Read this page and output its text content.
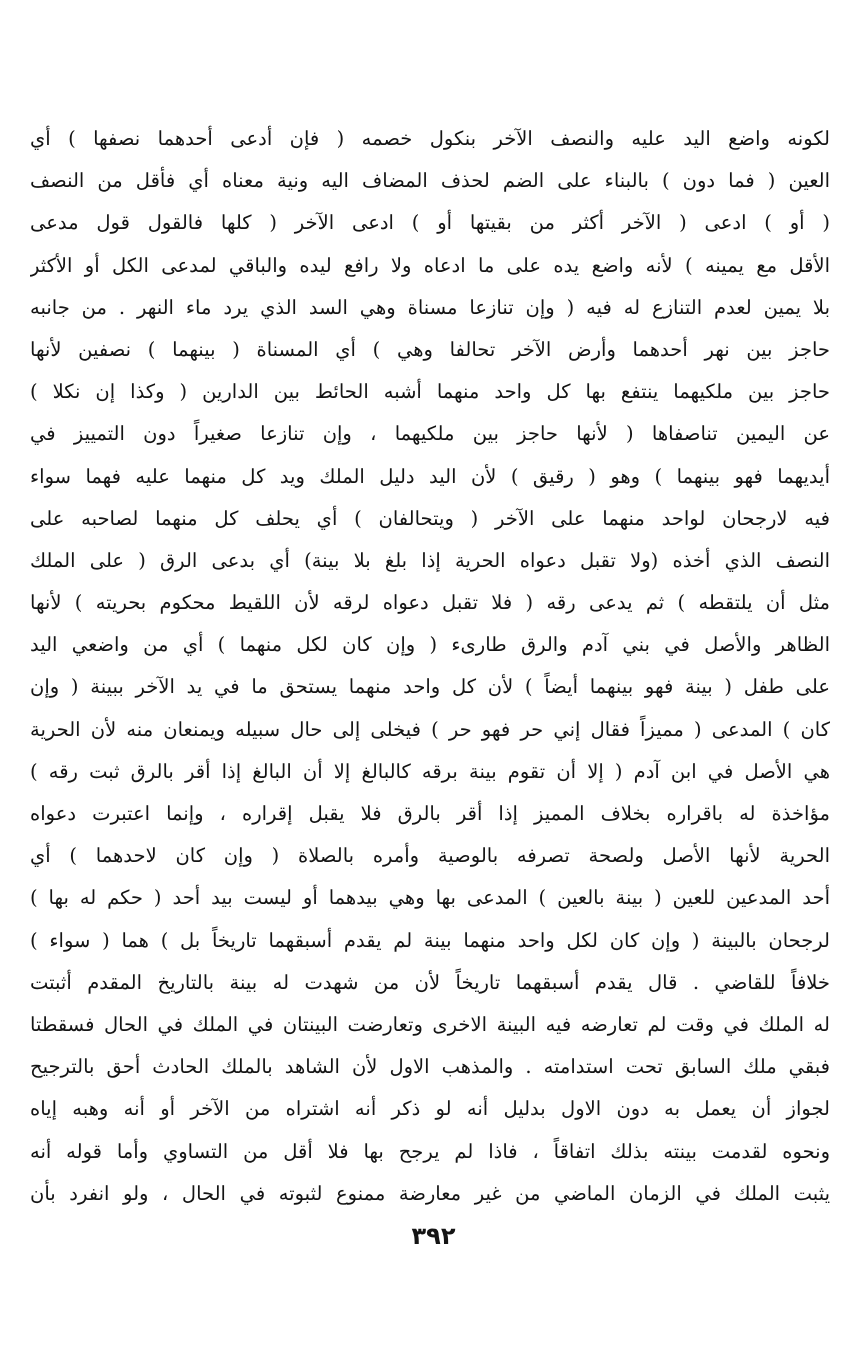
لكونه واضع اليد عليه والنصف الآخر بنكول خصمه ( فإن أدعى أحدهما نصفها ) أي
العين ( فما دون ) بالبناء على الضم لحذف المضاف اليه ونية معناه أي فأقل من النصف
( أو ) ادعى ( الآخر أكثر من بقيتها أو ) ادعى الآخر ( كلها فالقول قول مدعى
الأقل مع يمينه ) لأنه واضع يده على ما ادعاه ولا رافع ليده والباقي لمدعى الكل أو الأكثر
بلا يمين لعدم التنازع له فيه ( وإن تنازعا مسناة وهي السد الذي يرد ماء النهر . من جانبه
حاجز بين نهر أحدهما وأرض الآخر تحالفا وهي ) أي المسناة ( بينهما ) نصفين لأنها
حاجز بين ملكيهما ينتفع بها كل واحد منهما أشبه الحائط بين الدارين ( وكذا إن نكلا )
عن اليمين تناصفاها ( لأنها حاجز بين ملكيهما ، وإن تنازعا صغيراً دون التمييز في
أيديهما فهو بينهما ) وهو ( رقيق ) لأن اليد دليل الملك ويد كل منهما عليه فهما سواء
فيه لارجحان لواحد منهما على الآخر ( ويتحالفان ) أي يحلف كل منهما لصاحبه على
النصف الذي أخذه (ولا تقبل دعواه الحرية إذا بلغ بلا بينة) أي بدعى الرق ( على الملك
مثل أن يلتقطه ) ثم يدعى رقه ( فلا تقبل دعواه لرقه لأن اللقيط محكوم بحريته ) لأنها
الظاهر والأصل في بني آدم والرق طارىء ( وإن كان لكل منهما ) أي من واضعي اليد
على طفل ( بينة فهو بينهما أيضاً ) لأن كل واحد منهما يستحق ما في يد الآخر ببينة ( وإن
كان ) المدعى ( مميزاً فقال إني حر فهو حر ) فيخلى إلى حال سبيله ويمنعان منه لأن الحرية
هي الأصل في ابن آدم ( إلا أن تقوم بينة برقه كالبالغ إلا أن البالغ إذا أقر بالرق ثبت رقه )
مؤاخذة له باقراره بخلاف المميز إذا أقر بالرق فلا يقبل إقراره ، وإنما اعتبرت دعواه
الحرية لأنها الأصل ولصحة تصرفه بالوصية وأمره بالصلاة ( وإن كان لاحدهما ) أي
أحد المدعين للعين ( بينة بالعين ) المدعى بها وهي بيدهما أو ليست بيد أحد ( حكم له بها )
لرجحان بالبينة ( وإن كان لكل واحد منهما بينة لم يقدم أسبقهما تاريخاً بل ) هما ( سواء )
خلافاً للقاضي . قال يقدم أسبقهما تاريخاً لأن من شهدت له بينة بالتاريخ المقدم أثبتت
له الملك في وقت لم تعارضه فيه البينة الاخرى وتعارضت البينتان في الملك في الحال فسقطتا
فبقي ملك السابق تحت استدامته . والمذهب الاول لأن الشاهد بالملك الحادث أحق بالترجيح
لجواز أن يعمل به دون الاول بدليل أنه لو ذكر أنه اشتراه من الآخر أو أنه وهبه إياه
ونحوه لقدمت بينته بذلك اتفاقاً ، فاذا لم يرجح بها فلا أقل من التساوي وأما قوله أنه
يثبت الملك في الزمان الماضي من غير معارضة ممنوع لثبوته في الحال ، ولو انفرد بأن
٣٩٢
